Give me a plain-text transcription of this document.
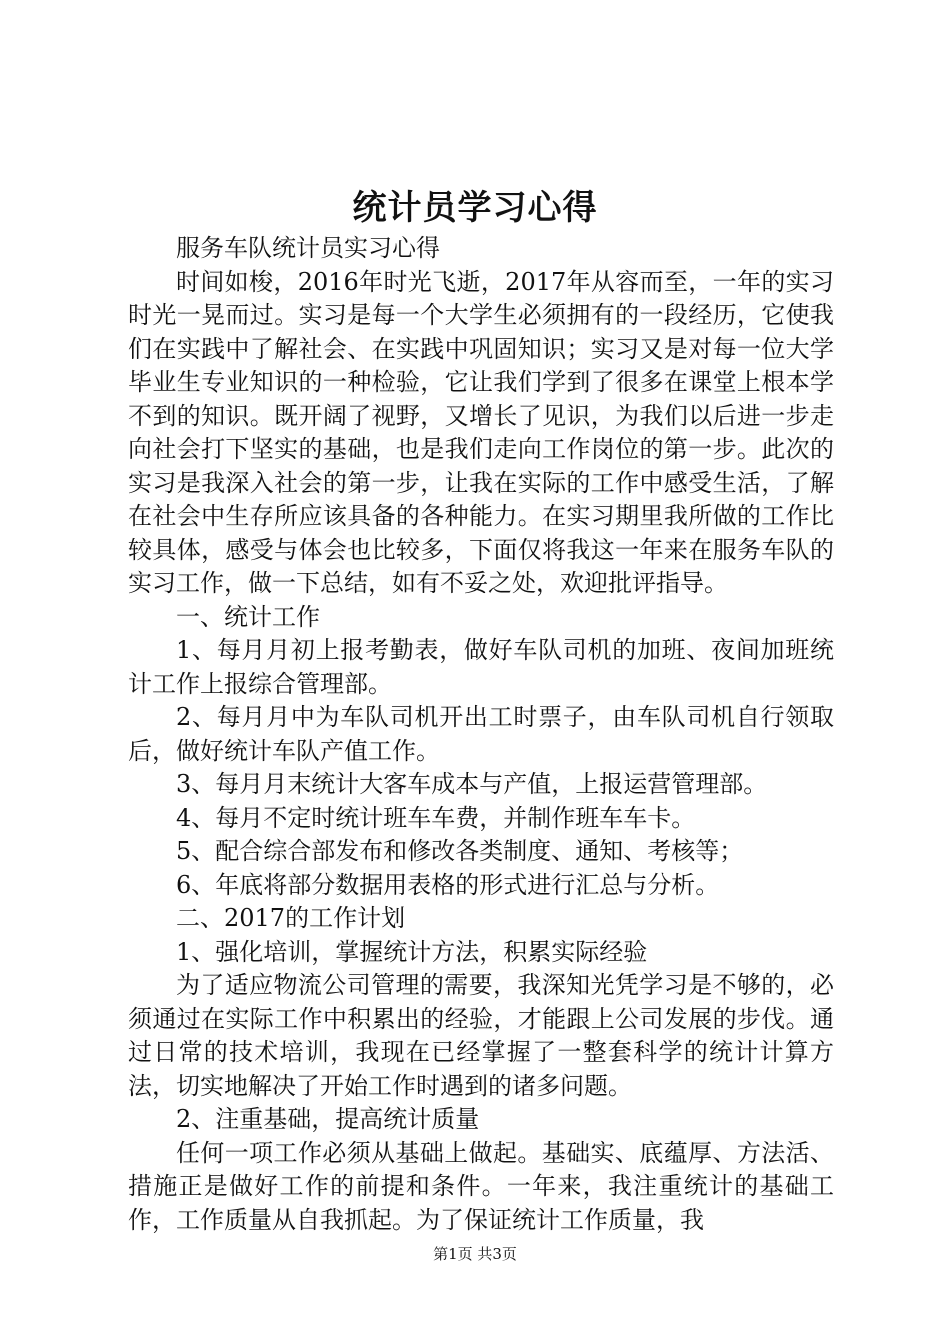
统计员学习心得

服务车队统计员实习心得

时间如梭，2016年时光飞逝，2017年从容而至，一年的实习时光一晃而过。实习是每一个大学生必须拥有的一段经历，它使我们在实践中了解社会、在实践中巩固知识；实习又是对每一位大学毕业生专业知识的一种检验，它让我们学到了很多在课堂上根本学不到的知识。既开阔了视野，又增长了见识，为我们以后进一步走向社会打下坚实的基础，也是我们走向工作岗位的第一步。此次的实习是我深入社会的第一步，让我在实际的工作中感受生活，了解在社会中生存所应该具备的各种能力。在实习期里我所做的工作比较具体，感受与体会也比较多，下面仅将我这一年来在服务车队的实习工作，做一下总结，如有不妥之处，欢迎批评指导。

一、统计工作

1、每月月初上报考勤表，做好车队司机的加班、夜间加班统计工作上报综合管理部。

2、每月月中为车队司机开出工时票子，由车队司机自行领取后，做好统计车队产值工作。

3、每月月末统计大客车成本与产值，上报运营管理部。

4、每月不定时统计班车车费，并制作班车车卡。

5、配合综合部发布和修改各类制度、通知、考核等；

6、年底将部分数据用表格的形式进行汇总与分析。

二、2017的工作计划

1、强化培训，掌握统计方法，积累实际经验

为了适应物流公司管理的需要，我深知光凭学习是不够的，必须通过在实际工作中积累出的经验，才能跟上公司发展的步伐。通过日常的技术培训，我现在已经掌握了一整套科学的统计计算方法，切实地解决了开始工作时遇到的诸多问题。

2、注重基础，提高统计质量

任何一项工作必须从基础上做起。基础实、底蕴厚、方法活、措施正是做好工作的前提和条件。一年来，我注重统计的基础工作，工作质量从自我抓起。为了保证统计工作质量，我

第1页 共3页
